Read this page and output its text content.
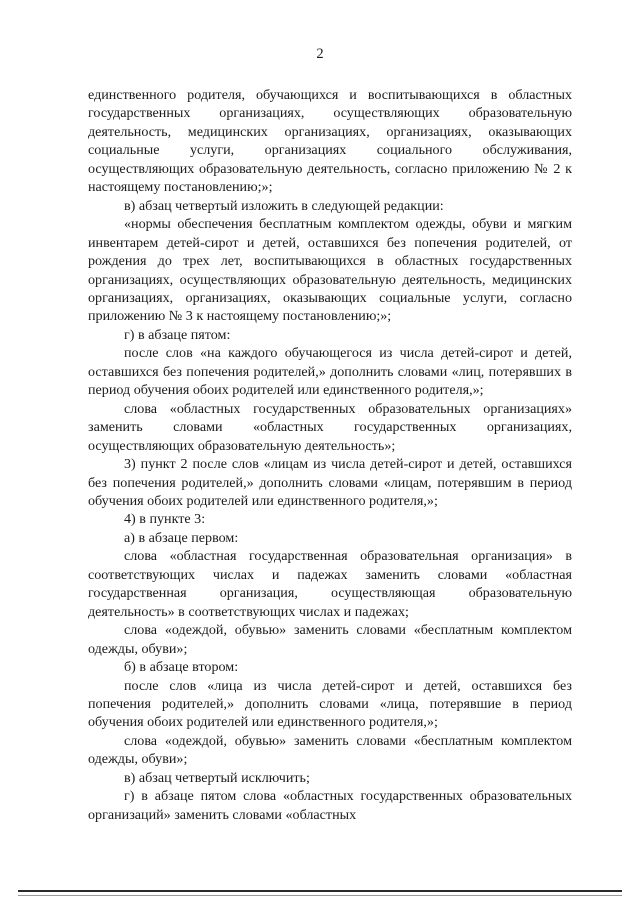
2

единственного родителя, обучающихся и воспитывающихся в областных государственных организациях, осуществляющих образовательную деятельность, медицинских организациях, организациях, оказывающих социальные услуги, организациях социального обслуживания, осуществляющих образовательную деятельность, согласно приложению № 2 к настоящему постановлению;»;

в) абзац четвертый изложить в следующей редакции:

«нормы обеспечения бесплатным комплектом одежды, обуви и мягким инвентарем детей-сирот и детей, оставшихся без попечения родителей, от рождения до трех лет, воспитывающихся в областных государственных организациях, осуществляющих образовательную деятельность, медицинских организациях, организациях, оказывающих социальные услуги, согласно приложению № 3 к настоящему постановлению;»;

г) в абзаце пятом:

после слов «на каждого обучающегося из числа детей-сирот и детей, оставшихся без попечения родителей,» дополнить словами «лиц, потерявших в период обучения обоих родителей или единственного родителя,»;

слова «областных государственных образовательных организациях» заменить словами «областных государственных организациях, осуществляющих образовательную деятельность»;

3) пункт 2 после слов «лицам из числа детей-сирот и детей, оставшихся без попечения родителей,» дополнить словами «лицам, потерявшим в период обучения обоих родителей или единственного родителя,»;

4) в пункте 3:

а) в абзаце первом:

слова «областная государственная образовательная организация» в соответствующих числах и падежах заменить словами «областная государственная организация, осуществляющая образовательную деятельность» в соответствующих числах и падежах;

слова «одеждой, обувью» заменить словами «бесплатным комплектом одежды, обуви»;

б) в абзаце втором:

после слов «лица из числа детей-сирот и детей, оставшихся без попечения родителей,» дополнить словами «лица, потерявшие в период обучения обоих родителей или единственного родителя,»;

слова «одеждой, обувью» заменить словами «бесплатным комплектом одежды, обуви»;

в) абзац четвертый исключить;

г) в абзаце пятом слова «областных государственных образовательных организаций» заменить словами «областных
